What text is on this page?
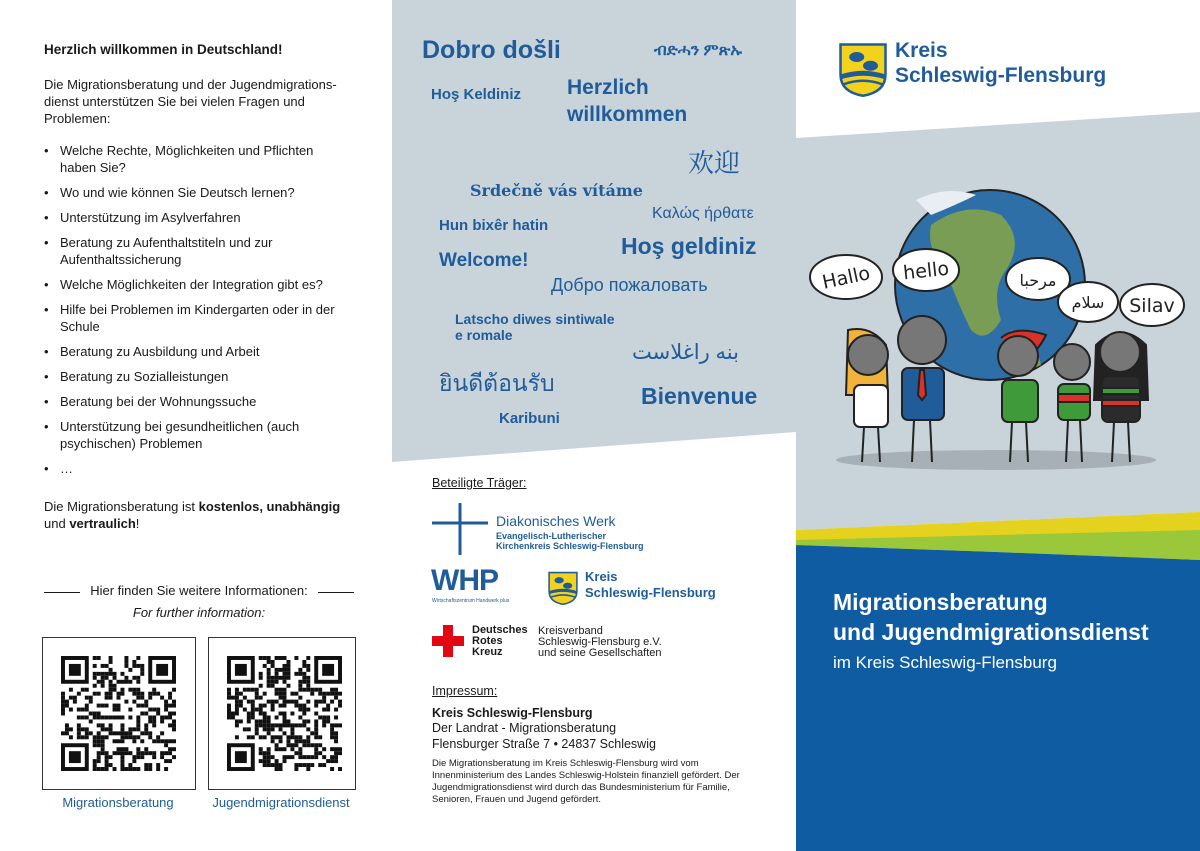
Herzlich willkommen in Deutschland!
Die Migrationsberatung und der Jugendmigrations-dienst unterstützen Sie bei vielen Fragen und Problemen:
• Welche Rechte, Möglichkeiten und Pflichten haben Sie?
• Wo und wie können Sie Deutsch lernen?
• Unterstützung im Asylverfahren
• Beratung zu Aufenthaltstiteln und zur Aufenthaltssicherung
• Welche Möglichkeiten der Integration gibt es?
• Hilfe bei Problemen im Kindergarten oder in der Schule
• Beratung zu Ausbildung und Arbeit
• Beratung zu Sozialleistungen
• Beratung bei der Wohnungssuche
• Unterstützung bei gesundheitlichen (auch psychischen) Problemen
• …
Die Migrationsberatung ist kostenlos, unabhängig und vertraulich!
Hier finden Sie weitere Informationen:
For further information:
Migrationsberatung	Jugendmigrationsdienst
Dobro došli	ብድሓን ምጽኡ
Hoş Keldiniz Herzlich
willkommen
欢迎
Srdečně vás vítáme
Hun bixêr hatin
Καλώς ήρθατε
Hoş geldiniz
Welcome!
Добро пожаловать
Latscho diwes sintiwale
e romale
بنه راغلاست
ยินดีต้อนรับ	Bienvenue
Karibuni
Beteiligte Träger:
Diakonisches Werk
Evangelisch-Lutherischer
Kirchenkreis Schleswig-Flensburg
WHP
Wirtschaftszentrum Handwerk plus
Kreis
Schleswig-Flensburg
Deutsches
Rotes
Kreuz
Kreisverband
Schleswig-Flensburg e.V.
und seine Gesellschaften
Impressum:
Kreis Schleswig-Flensburg
Der Landrat - Migrationsberatung
Flensburger Straße 7 • 24837 Schleswig
Die Migrationsberatung im Kreis Schleswig-Flensburg wird vom Innenministerium des Landes Schleswig-Holstein finanziell gefördert. Der Jugendmigrationsdienst wird durch das Bundesministerium für Familie, Senioren, Frauen und Jugend gefördert.
Hallo hello	مرحبا
سلام Silav
Kreis
Schleswig-Flensburg
Migrationsberatung
und Jugendmigrationsdienst
im Kreis Schleswig-Flensburg
